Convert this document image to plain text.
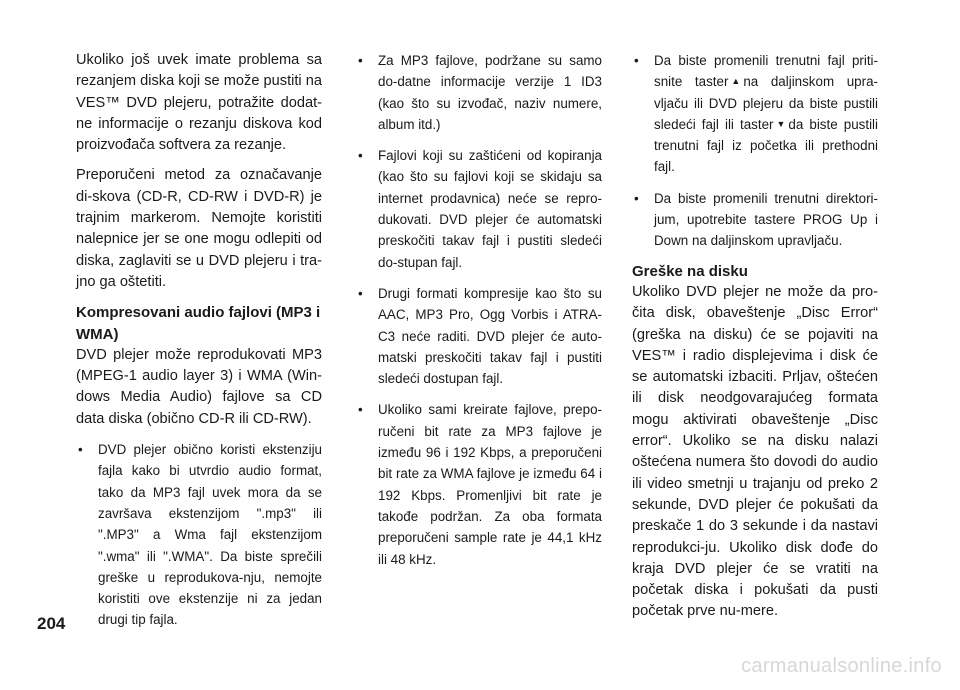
Ukoliko još uvek imate problema sa rezanjem diska koji se može pustiti na VES™ DVD plejeru, potražite dodat-ne informacije o rezanju diskova kod proizvođača softvera za rezanje.

Preporučeni metod za označavanje di-skova (CD-R, CD-RW i DVD-R) je trajnim markerom. Nemojte koristiti nalepnice jer se one mogu odlepiti od diska, zaglaviti se u DVD plejeru i tra-jno ga oštetiti.

Kompresovani audio fajlovi (MP3 i WMA)

DVD plejer može reprodukovati MP3 (MPEG-1 audio layer 3) i WMA (Win-dows Media Audio) fajlove sa CD data diska (obično CD-R ili CD-RW).

• DVD plejer obično koristi ekstenziju fajla kako bi utvrdio audio format, tako da MP3 fajl uvek mora da se završava ekstenzijom ".mp3" ili ".MP3" a Wma fajl ekstenzijom ".wma" ili ".WMA". Da biste sprečili greške u reprodukova-nju, nemojte koristiti ove ekstenzije ni za jedan drugi tip fajla.
• Za MP3 fajlove, podržane su samo do-datne informacije verzije 1 ID3 (kao što su izvođač, naziv numere, album itd.)
• Fajlovi koji su zaštićeni od kopiranja (kao što su fajlovi koji se skidaju sa internet prodavnica) neće se repro-dukovati. DVD plejer će automatski preskočiti takav fajl i pustiti sledeći do-stupan fajl.
• Drugi formati kompresije kao što su AAC, MP3 Pro, Ogg Vorbis i ATRA-C3 neće raditi. DVD plejer će auto-matski preskočiti takav fajl i pustiti sledeći dostupan fajl.
• Ukoliko sami kreirate fajlove, prepo-ručeni bit rate za MP3 fajlove je između 96 i 192 Kbps, a preporučeni bit rate za WMA fajlove je između 64 i 192 Kbps. Promenljivi bit rate je takođe podržan. Za oba formata preporučeni sample rate je 44,1 kHz ili 48 kHz.
• Da biste promenili trenutni fajl priti-snite taster ▲ na daljinskom upra-vljaču ili DVD plejeru da biste pustili sledeći fajl ili taster ▼ da biste pustili trenutni fajl iz početka ili prethodni fajl.
• Da biste promenili trenutni direktori-jum, upotrebite tastere PROG Up i Down na daljinskom upravljaču.
Greške na disku

Ukoliko DVD plejer ne može da pro-čita disk, obaveštenje „Disc Error“ (greška na disku) će se pojaviti na VES™ i radio displejevima i disk će se automatski izbaciti. Prljav, oštećen ili disk neodgovarajućeg formata mogu aktivirati obaveštenje „Disc error“. Ukoliko se na disku nalazi oštećena numera što dovodi do audio ili video smetnji u trajanju od preko 2 sekunde, DVD plejer će pokušati da preskače 1 do 3 sekunde i da nastavi reprodukci-ju. Ukoliko disk dođe do kraja DVD plejer će se vratiti na početak diska i pokušati da pusti početak prve nu-mere.

204
carmanualsonline.info
